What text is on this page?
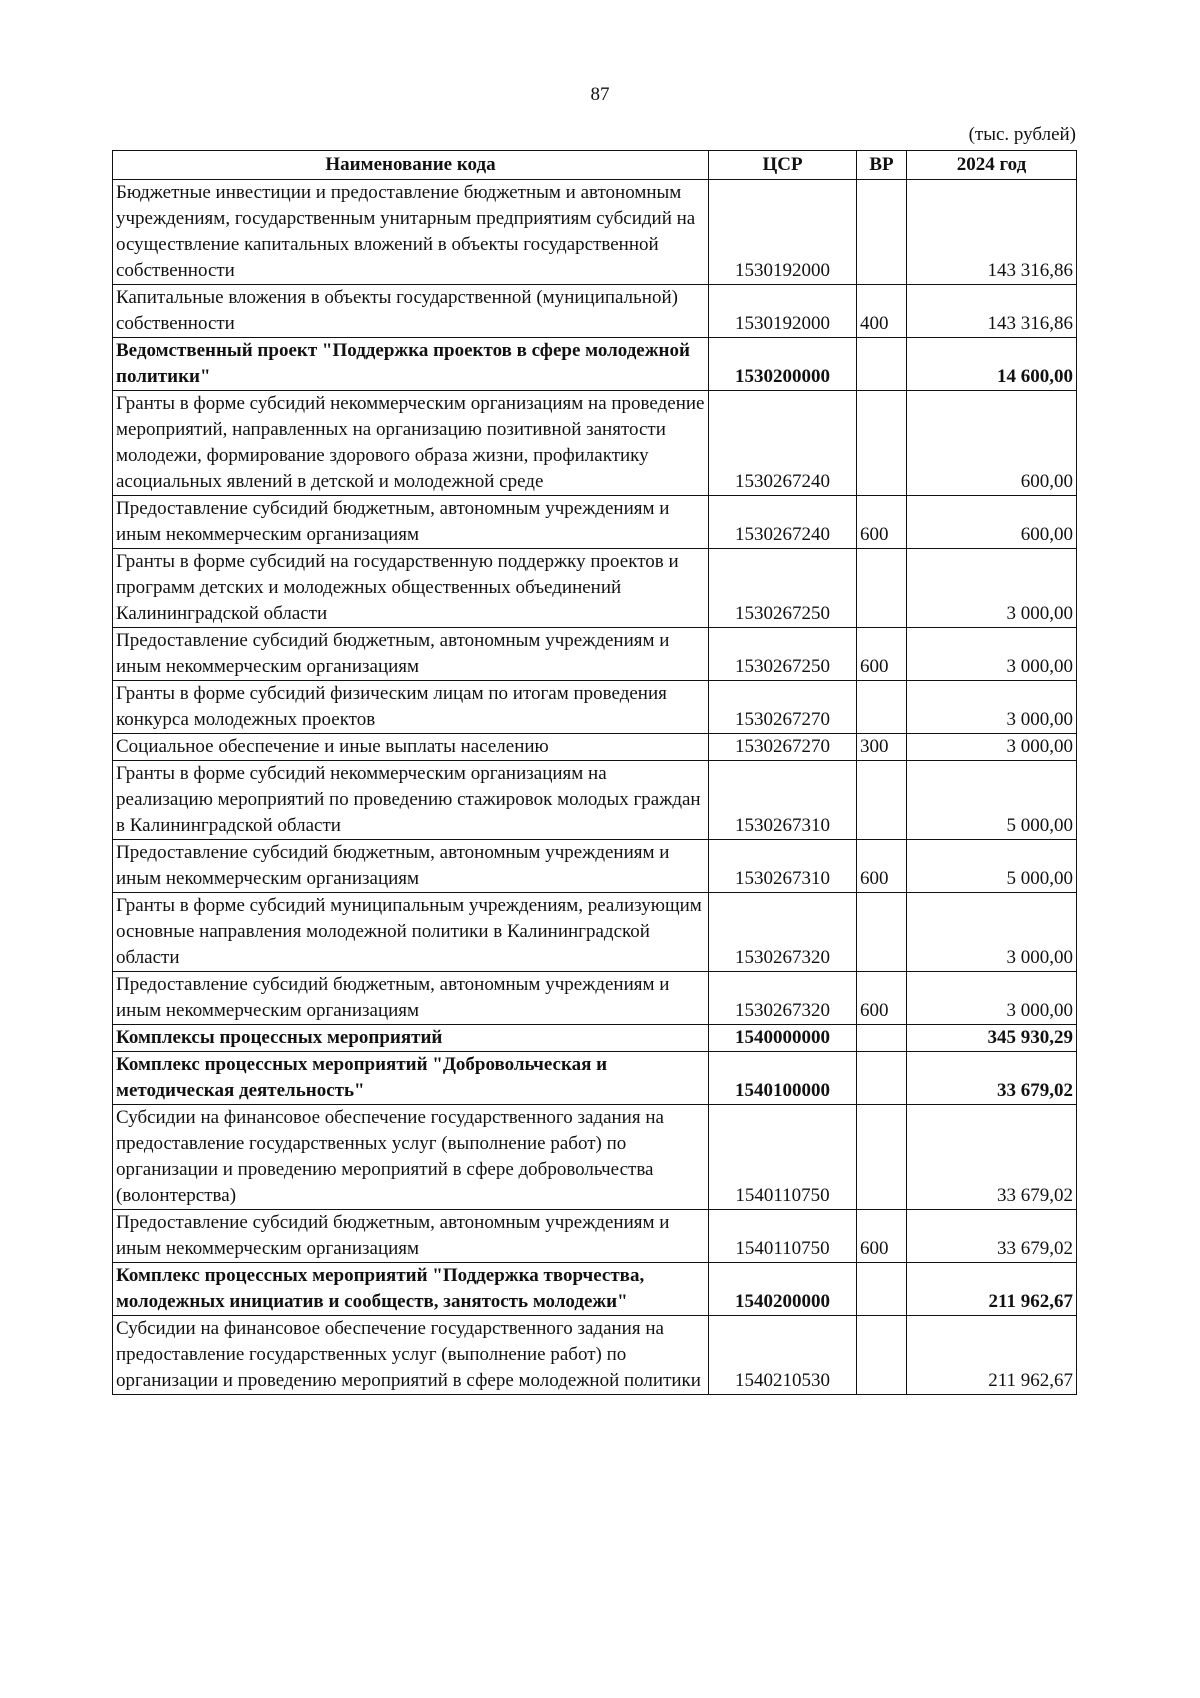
87
(тыс. рублей)
Наименование кода	ЦСР	ВР	2024 год
Бюджетные инвестиции и предоставление бюджетным и автономным учреждениям, государственным унитарным предприятиям субсидий на осуществление капитальных вложений в объекты государственной собственности	1530192000		143 316,86
Капитальные вложения в объекты государственной (муниципальной) собственности	1530192000	400	143 316,86
Ведомственный проект "Поддержка проектов в сфере молодежной политики"	1530200000		14 600,00
Гранты в форме субсидий некоммерческим организациям на проведение мероприятий, направленных на организацию позитивной занятости молодежи, формирование здорового образа жизни, профилактику асоциальных явлений в детской и молодежной среде	1530267240		600,00
Предоставление субсидий бюджетным, автономным учреждениям и иным некоммерческим организациям	1530267240	600	600,00
Гранты в форме субсидий на государственную поддержку проектов и программ детских и молодежных общественных объединений Калининградской области	1530267250		3 000,00
Предоставление субсидий бюджетным, автономным учреждениям и иным некоммерческим организациям	1530267250	600	3 000,00
Гранты в форме субсидий физическим лицам по итогам проведения конкурса молодежных проектов	1530267270		3 000,00
Социальное обеспечение и иные выплаты населению	1530267270	300	3 000,00
Гранты в форме субсидий некоммерческим организациям на реализацию мероприятий по проведению стажировок молодых граждан в Калининградской области	1530267310		5 000,00
Предоставление субсидий бюджетным, автономным учреждениям и иным некоммерческим организациям	1530267310	600	5 000,00
Гранты в форме субсидий муниципальным учреждениям, реализующим основные направления молодежной политики в Калининградской области	1530267320		3 000,00
Предоставление субсидий бюджетным, автономным учреждениям и иным некоммерческим организациям	1530267320	600	3 000,00
Комплексы процессных мероприятий	1540000000		345 930,29
Комплекс процессных мероприятий "Добровольческая и методическая деятельность"	1540100000		33 679,02
Субсидии на финансовое обеспечение государственного задания на предоставление государственных услуг (выполнение работ) по организации и проведению мероприятий в сфере добровольчества (волонтерства)	1540110750		33 679,02
Предоставление субсидий бюджетным, автономным учреждениям и иным некоммерческим организациям	1540110750	600	33 679,02
Комплекс процессных мероприятий "Поддержка творчества, молодежных инициатив и сообществ, занятость молодежи"	1540200000		211 962,67
Субсидии на финансовое обеспечение государственного задания на предоставление государственных услуг (выполнение работ) по организации и проведению мероприятий в сфере молодежной политики	1540210530		211 962,67
